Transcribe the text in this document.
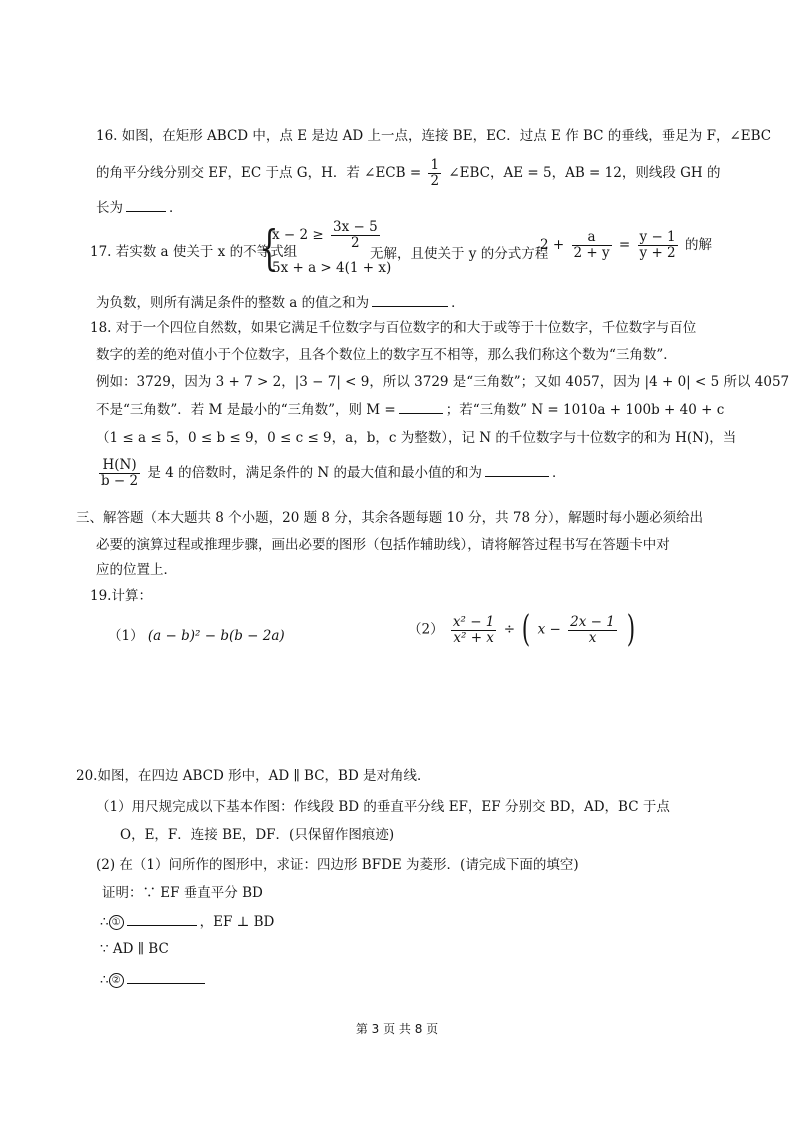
16. 如图，在矩形 ABCD 中，点 E 是边 AD 上一点，连接 BE，EC．过点 E 作 BC 的垂线，垂足为 F，∠EBC
的角平分线分别交 EF，EC 于点 G，H．若 ∠ECB = $\frac{1}{2}$ ∠EBC，AE = 5，AB = 12，则线段 GH 的
长为	．
17. 若实数 a 使关于 x 的不等式组
{
$x - 2 \ge \frac{3x - 5}{2}$
5x + a > 4(1 + x)
无解，且使关于 y 的分式方程
$2 + \frac{a}{2 + y} = \frac{y - 1}{y + 2}$ 的解
为负数，则所有满足条件的整数 a 的值之和为	．
18. 对于一个四位自然数，如果它满足千位数字与百位数字的和大于或等于十位数字，千位数字与百位
数字的差的绝对值小于个位数字，且各个数位上的数字互不相等，那么我们称这个数为“三角数”．
例如：3729，因为 3 + 7 > 2，|3 − 7| < 9，所以 3729 是“三角数”；又如 4057，因为 |4 + 0| < 5 所以 4057
不是“三角数”．若 M 是最小的“三角数”，则 M =	；若“三角数” N = 1010a + 100b + 40 + c
（1 ≤ a ≤ 5，0 ≤ b ≤ 9，0 ≤ c ≤ 9，a，b，c 为整数），记 N 的千位数字与十位数字的和为 H(N)，当
$\frac{H(N)}{b - 2}$ 是 4 的倍数时，满足条件的 N 的最大值和最小值的和为	．
三、解答题（本大题共 8 个小题，20 题 8 分，其余各题每题 10 分，共 78 分），解题时每小题必须给出
必要的演算过程或推理步骤，画出必要的图形（包括作辅助线），请将解答过程书写在答题卡中对
应的位置上．
19.计算：
（1） (a − b)² − b(b − 2a)	$(2) \frac{\text{x² − 1}}{\text{x² + x}}$ ÷ ( $x - \frac{2x - 1}{x}$ )
20.如图，在四边 ABCD 形中，AD ∥ BC，BD 是对角线．
（1）用尺规完成以下基本作图：作线段 BD 的垂直平分线 EF，EF 分别交 BD，AD，BC 于点
O，E，F．连接 BE，DF．(只保留作图痕迹)
(2) 在（1）问所作的图形中，求证：四边形 BFDE 为菱形．(请完成下面的填空)
证明：∵ EF 垂直平分 BD
∴ ①	，EF ⊥ BD
∵ AD ∥ BC
∴ ②
第 3 页 共 8 页
